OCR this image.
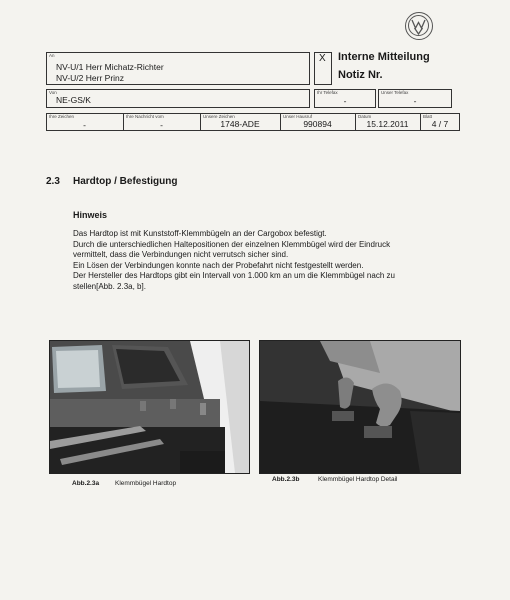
An
NV-U/1 Herr Michatz-Richter
NV-U/2 Herr Prinz
X Interne Mitteilung
Notiz Nr.
Von
NE-GS/K
Ihr Telefax
-
Unser Telefax
-
Ihre Zeichen
-
Ihre Nachricht vom
-
Unsere Zeichen
1748-ADE
Unser Hausruf
990894
Datum
15.12.2011
Blatt
4 / 7
2.3 Hardtop / Befestigung
Hinweis
Das Hardtop ist mit Kunststoff-Klemmbügeln an der Cargobox befestigt.
Durch die unterschiedlichen Haltepositionen der einzelnen Klemmbügel wird der Eindruck
vermittelt, dass die Verbindungen nicht verrutsch sicher sind.
Ein Lösen der Verbindungen konnte nach der Probefahrt nicht festgestellt werden.
Der Hersteller des Hardtops gibt ein Intervall von 1.000 km an um die Klemmbügel nach zu
stellen[Abb. 2.3a, b].
Abb.2.3a Klemmbügel Hardtop
Abb.2.3b	Klemmbügel Hardtop Detail
